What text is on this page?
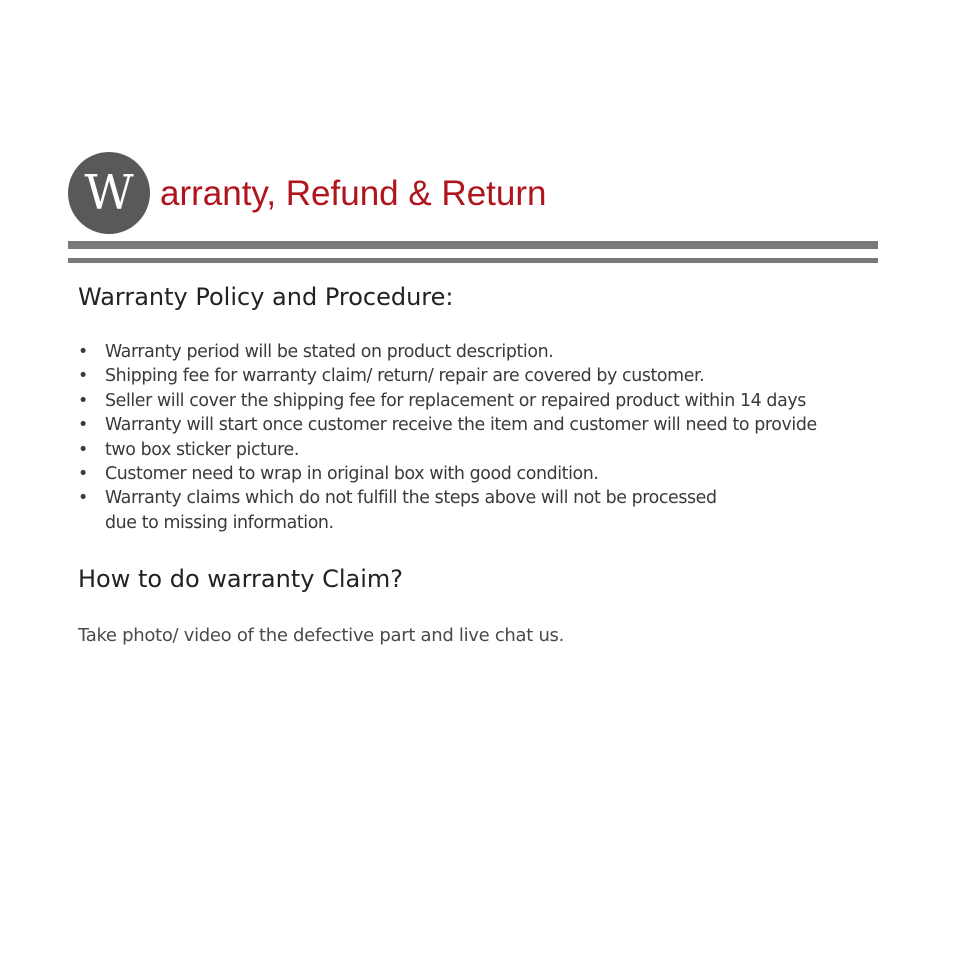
W arranty, Refund & Return
Warranty Policy and Procedure:
• Warranty period will be stated on product description.
• Shipping fee for warranty claim/ return/ repair are covered by customer.
• Seller will cover the shipping fee for replacement or repaired product within 14 days
• Warranty will start once customer receive the item and customer will need to provide
• two box sticker picture.
• Customer need to wrap in original box with good condition.
• Warranty claims which do not fulfill the steps above will not be processed
due to missing information.
How to do warranty Claim?

Take photo/ video of the defective part and live chat us.
